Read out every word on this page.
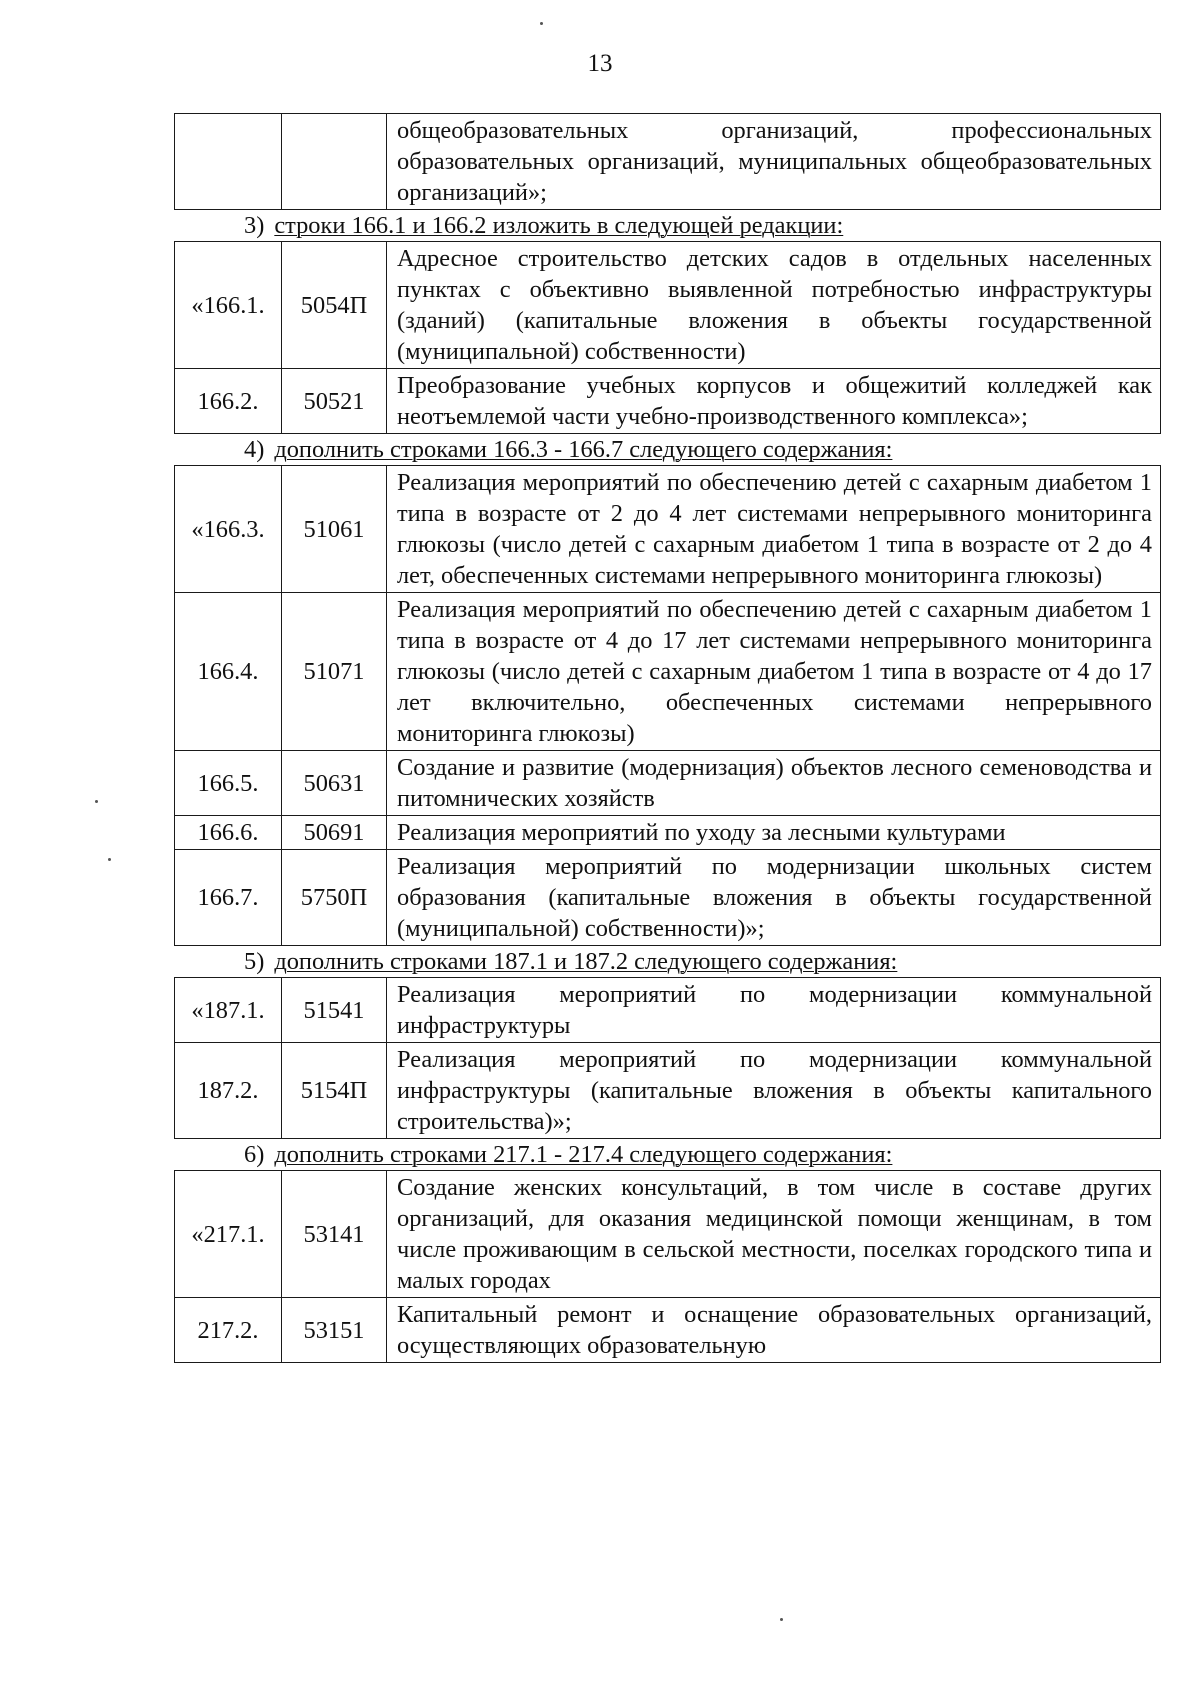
13
		общеобразовательных организаций, профессиональных образовательных организаций, муниципальных общеобразовательных организаций»;
3) строки 166.1 и 166.2 изложить в следующей редакции:
«166.1.	5054П	Адресное строительство детских садов в отдельных населенных пунктах с объективно выявленной потребностью инфраструктуры (зданий) (капитальные вложения в объекты государственной (муниципальной) собственности)
166.2.	50521	Преобразование учебных корпусов и общежитий колледжей как неотъемлемой части учебно-производственного комплекса»;
4) дополнить строками 166.3 - 166.7 следующего содержания:
«166.3.	51061	Реализация мероприятий по обеспечению детей с сахарным диабетом 1 типа в возрасте от 2 до 4 лет системами непрерывного мониторинга глюкозы (число детей с сахарным диабетом 1 типа в возрасте от 2 до 4 лет, обеспеченных системами непрерывного мониторинга глюкозы)
166.4.	51071	Реализация мероприятий по обеспечению детей с сахарным диабетом 1 типа в возрасте от 4 до 17 лет системами непрерывного мониторинга глюкозы (число детей с сахарным диабетом 1 типа в возрасте от 4 до 17 лет включительно, обеспеченных системами непрерывного мониторинга глюкозы)
166.5.	50631	Создание и развитие (модернизация) объектов лесного семеноводства и питомнических хозяйств
166.6.	50691	Реализация мероприятий по уходу за лесными культурами
166.7.	5750П	Реализация мероприятий по модернизации школьных систем образования (капитальные вложения в объекты государственной (муниципальной) собственности)»;
5) дополнить строками 187.1 и 187.2 следующего содержания:
«187.1.	51541	Реализация мероприятий по модернизации коммунальной инфраструктуры
187.2.	5154П	Реализация мероприятий по модернизации коммунальной инфраструктуры (капитальные вложения в объекты капитального строительства)»;
6) дополнить строками 217.1 - 217.4 следующего содержания:
«217.1.	53141	Создание женских консультаций, в том числе в составе других организаций, для оказания медицинской помощи женщинам, в том числе проживающим в сельской местности, поселках городского типа и малых городах
217.2.	53151	Капитальный ремонт и оснащение образовательных организаций, осуществляющих образовательную
